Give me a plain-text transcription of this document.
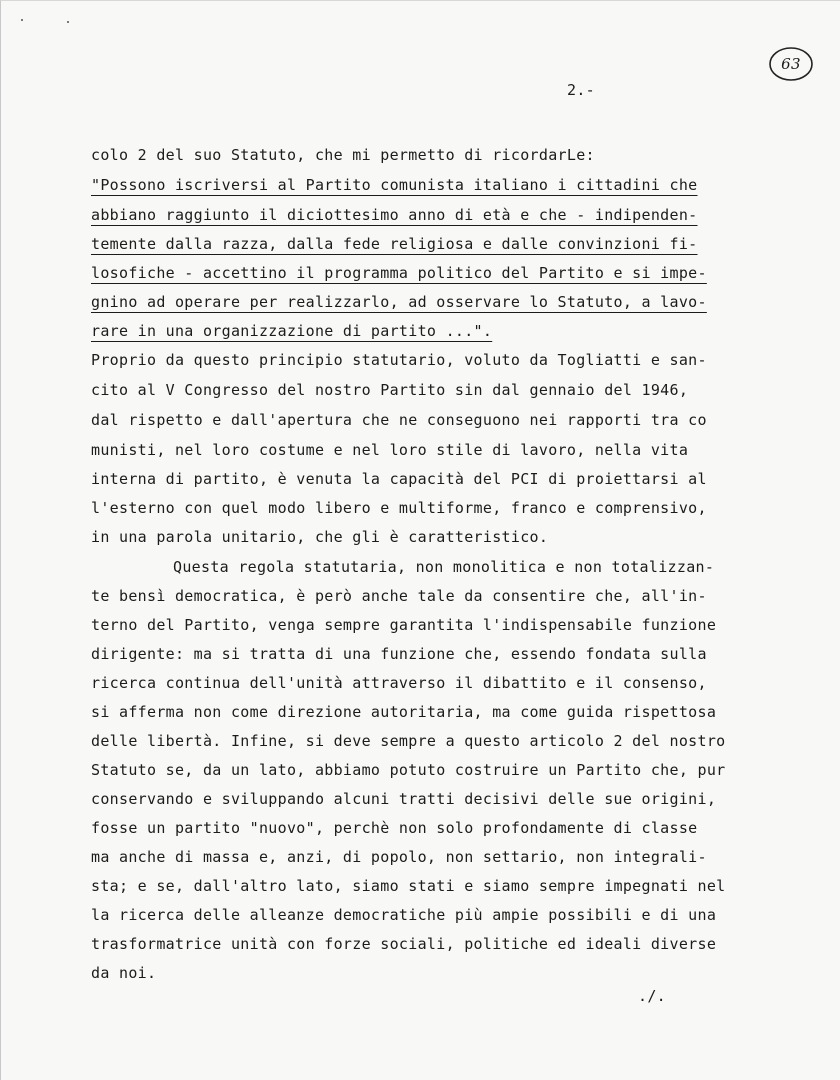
63
2.-
colo 2 del suo Statuto, che mi permetto di ricordarLe:
"Possono iscriversi al Partito comunista italiano i cittadini che
abbiano raggiunto il diciottesimo anno di età e che - indipenden-
temente dalla razza, dalla fede religiosa e dalle convinzioni fi-
losofiche - accettino il programma politico del Partito e si impe-
gnino ad operare per realizzarlo, ad osservare lo Statuto, a lavo-
rare in una organizzazione di partito ...".
Proprio da questo principio statutario, voluto da Togliatti e san-
cito al V Congresso del nostro Partito sin dal gennaio del 1946,
dal rispetto e dall'apertura che ne conseguono nei rapporti tra co
munisti, nel loro costume e nel loro stile di lavoro, nella vita
interna di partito, è venuta la capacità del PCI di proiettarsi al
l'esterno con quel modo libero e multiforme, franco e comprensivo,
in una parola unitario, che gli è caratteristico.
Questa regola statutaria, non monolitica e non totalizzan-
te bensì democratica, è però anche tale da consentire che, all'in-
terno del Partito, venga sempre garantita l'indispensabile funzione
dirigente: ma si tratta di una funzione che, essendo fondata sulla
ricerca continua dell'unità attraverso il dibattito e il consenso,
si afferma non come direzione autoritaria, ma come guida rispettosa
delle libertà. Infine, si deve sempre a questo articolo 2 del nostro
Statuto se, da un lato, abbiamo potuto costruire un Partito che, pur
conservando e sviluppando alcuni tratti decisivi delle sue origini,
fosse un partito "nuovo", perchè non solo profondamente di classe
ma anche di massa e, anzi, di popolo, non settario, non integrali-
sta; e se, dall'altro lato, siamo stati e siamo sempre impegnati nel
la ricerca delle alleanze democratiche più ampie possibili e di una
trasformatrice unità con forze sociali, politiche ed ideali diverse
da noi.
./.
